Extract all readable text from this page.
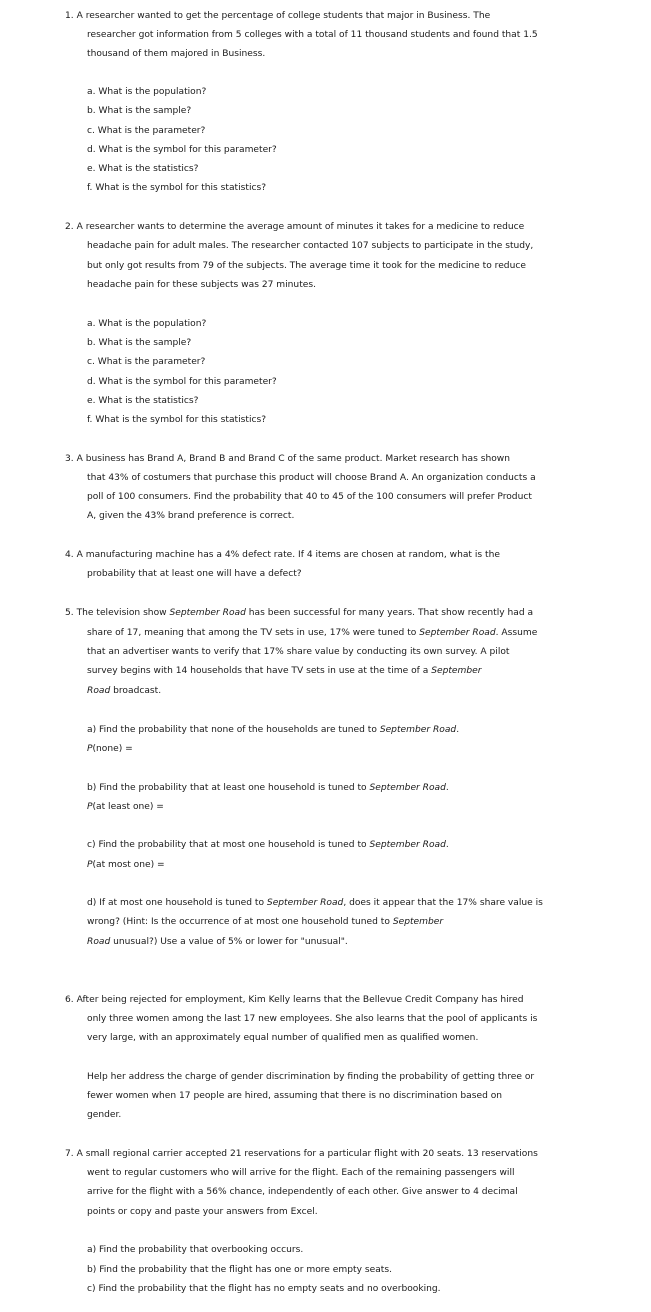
1. A researcher wanted to get the percentage of college students that major in Business. The
researcher got information from 5 colleges with a total of 11 thousand students and found that 1.5
thousand of them majored in Business.
a. What is the population?
b. What is the sample?
c. What is the parameter?
d. What is the symbol for this parameter?
e. What is the statistics?
f. What is the symbol for this statistics?
2. A researcher wants to determine the average amount of minutes it takes for a medicine to reduce
headache pain for adult males. The researcher contacted 107 subjects to participate in the study,
but only got results from 79 of the subjects. The average time it took for the medicine to reduce
headache pain for these subjects was 27 minutes.
a. What is the population?
b. What is the sample?
c. What is the parameter?
d. What is the symbol for this parameter?
e. What is the statistics?
f. What is the symbol for this statistics?
3. A business has Brand A, Brand B and Brand C of the same product. Market research has shown
that 43% of costumers that purchase this product will choose Brand A. An organization conducts a
poll of 100 consumers. Find the probability that 40 to 45 of the 100 consumers will prefer Product
A, given the 43% brand preference is correct.
4. A manufacturing machine has a 4% defect rate. If 4 items are chosen at random, what is the
probability that at least one will have a defect?
5. The television show September Road has been successful for many years. That show recently had a
share of 17, meaning that among the TV sets in use, 17% were tuned to September Road. Assume
that an advertiser wants to verify that 17% share value by conducting its own survey. A pilot
survey begins with 14 households that have TV sets in use at the time of a September
Road broadcast.
a) Find the probability that none of the households are tuned to September Road.
P(none) =
b) Find the probability that at least one household is tuned to September Road.
P(at least one) =
c) Find the probability that at most one household is tuned to September Road.
P(at most one) =
d) If at most one household is tuned to September Road, does it appear that the 17% share value is
wrong? (Hint: Is the occurrence of at most one household tuned to September
Road unusual?) Use a value of 5% or lower for "unusual".
6. After being rejected for employment, Kim Kelly learns that the Bellevue Credit Company has hired
only three women among the last 17 new employees. She also learns that the pool of applicants is
very large, with an approximately equal number of qualified men as qualified women.
Help her address the charge of gender discrimination by finding the probability of getting three or
fewer women when 17 people are hired, assuming that there is no discrimination based on
gender.
7. A small regional carrier accepted 21 reservations for a particular flight with 20 seats. 13 reservations
went to regular customers who will arrive for the flight. Each of the remaining passengers will
arrive for the flight with a 56% chance, independently of each other. Give answer to 4 decimal
points or copy and paste your answers from Excel.
a) Find the probability that overbooking occurs.
b) Find the probability that the flight has one or more empty seats.
c) Find the probability that the flight has no empty seats and no overbooking.
